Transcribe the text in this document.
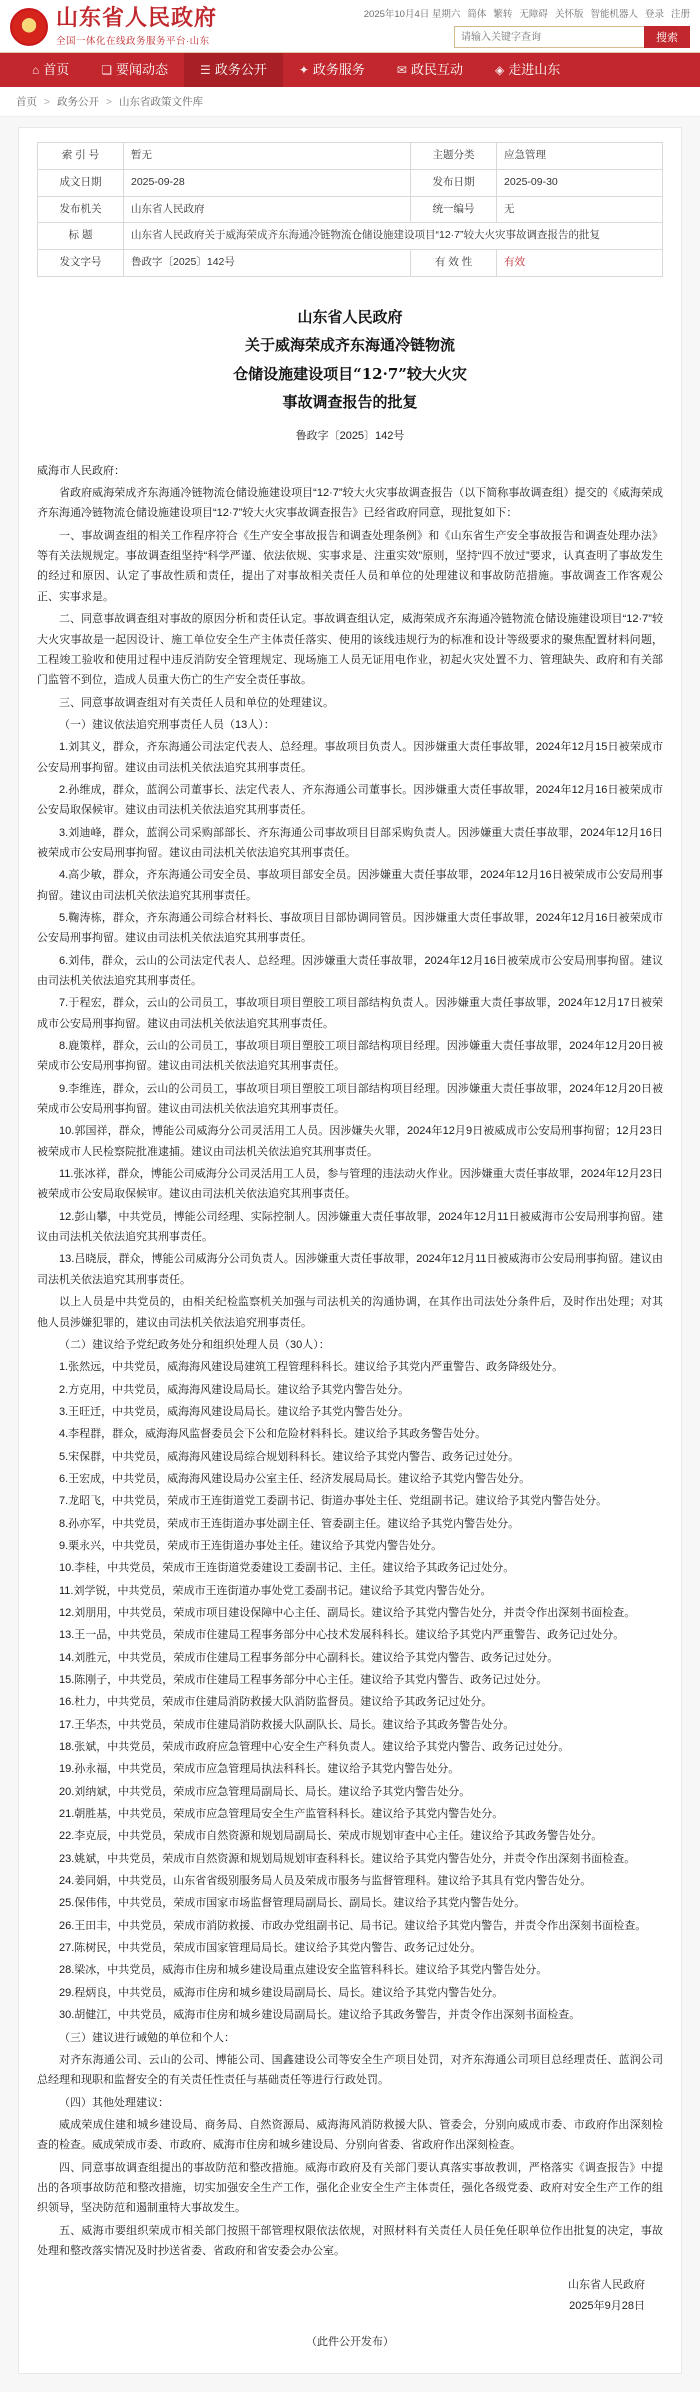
★
山东省人民政府
全国一体化在线政务服务平台·山东
2025年10月4日 星期六 简体 繁转 无障碍 关怀版 智能机器人 登录 注册
请输入关键字查询
搜索
⌂ 首页	❏ 要闻动态	☰ 政务公开	✦ 政务服务	✉ 政民互动	◈ 走进山东
首页 > 政务公开 > 山东省政策文件库
索 引 号	暂无	主题分类	应急管理
成文日期	2025-09-28	发布日期	2025-09-30
发布机关	山东省人民政府	统一编号	无
标 题	山东省人民政府关于威海荣成齐东海通冷链物流仓储设施建设项目“12·7”较大火灾事故调查报告的批复		
发文字号	鲁政字〔2025〕142号	有 效 性	有效
山东省人民政府
关于威海荣成齐东海通冷链物流
仓储设施建设项目“12·7”较大火灾
事故调查报告的批复
鲁政字〔2025〕142号

威海市人民政府：

省政府威海荣成齐东海通冷链物流仓储设施建设项目“12·7”较大火灾事故调查报告（以下简称事故调查组）提交的《威海荣成齐东海通冷链物流仓储设施建设项目“12·7”较大火灾事故调查报告》已经省政府同意，现批复如下：

一、事故调查组的相关工作程序符合《生产安全事故报告和调查处理条例》和《山东省生产安全事故报告和调查处理办法》等有关法规规定。事故调查组坚持“科学严谨、依法依规、实事求是、注重实效”原则，坚持“四不放过”要求，认真查明了事故发生的经过和原因、认定了事故性质和责任，提出了对事故相关责任人员和单位的处理建议和事故防范措施。事故调查工作客观公正、实事求是。

二、同意事故调查组对事故的原因分析和责任认定。事故调查组认定，威海荣成齐东海通冷链物流仓储设施建设项目“12·7”较大火灾事故是一起因设计、施工单位安全生产主体责任落实、使用的该线违规行为的标准和设计等级要求的聚焦配置材料问题，工程竣工验收和使用过程中违反消防安全管理规定、现场施工人员无证用电作业，初起火灾处置不力、管理缺失、政府和有关部门监管不到位，造成人员重大伤亡的生产安全责任事故。

三、同意事故调查组对有关责任人员和单位的处理建议。

（一）建议依法追究刑事责任人员（13人）：

1.刘其义，群众，齐东海通公司法定代表人、总经理。事故项目负责人。因涉嫌重大责任事故罪，2024年12月15日被荣成市公安局刑事拘留。建议由司法机关依法追究其刑事责任。

2.孙维成，群众，蓝润公司董事长、法定代表人、齐东海通公司董事长。因涉嫌重大责任事故罪，2024年12月16日被荣成市公安局取保候审。建议由司法机关依法追究其刑事责任。

3.刘迪峰，群众，蓝润公司采购部部长、齐东海通公司事故项目目部采购负责人。因涉嫌重大责任事故罪，2024年12月16日被荣成市公安局刑事拘留。建议由司法机关依法追究其刑事责任。

4.高少敏，群众，齐东海通公司安全员、事故项目部安全员。因涉嫌重大责任事故罪，2024年12月16日被荣成市公安局刑事拘留。建议由司法机关依法追究其刑事责任。

5.鞠涛栋，群众，齐东海通公司综合材料长、事故项目目部协调同管员。因涉嫌重大责任事故罪，2024年12月16日被荣成市公安局刑事拘留。建议由司法机关依法追究其刑事责任。

6.刘伟，群众，云山的公司法定代表人、总经理。因涉嫌重大责任事故罪，2024年12月16日被荣成市公安局刑事拘留。建议由司法机关依法追究其刑事责任。

7.于程宏，群众，云山的公司员工，事故项目项目塑胶工项目部结构负责人。因涉嫌重大责任事故罪，2024年12月17日被荣成市公安局刑事拘留。建议由司法机关依法追究其刑事责任。

8.鹿策样，群众，云山的公司员工，事故项目项目塑胶工项目部结构项目经理。因涉嫌重大责任事故罪，2024年12月20日被荣成市公安局刑事拘留。建议由司法机关依法追究其刑事责任。

9.李维连，群众，云山的公司员工，事故项目项目塑胶工项目部结构项目经理。因涉嫌重大责任事故罪，2024年12月20日被荣成市公安局刑事拘留。建议由司法机关依法追究其刑事责任。

10.郭国祥，群众，博能公司威海分公司灵活用工人员。因涉嫌失火罪，2024年12月9日被威成市公安局刑事拘留；12月23日被荣成市人民检察院批准逮捕。建议由司法机关依法追究其刑事责任。

11.张冰祥，群众，博能公司威海分公司灵活用工人员，参与管理的违法动火作业。因涉嫌重大责任事故罪，2024年12月23日被荣成市公安局取保候审。建议由司法机关依法追究其刑事责任。

12.彭山攀，中共党员，博能公司经理、实际控制人。因涉嫌重大责任事故罪，2024年12月11日被威海市公安局刑事拘留。建议由司法机关依法追究其刑事责任。

13.吕晓辰，群众，博能公司威海分公司负责人。因涉嫌重大责任事故罪，2024年12月11日被威海市公安局刑事拘留。建议由司法机关依法追究其刑事责任。

以上人员是中共党员的，由相关纪检监察机关加强与司法机关的沟通协调，在其作出司法处分条件后，及时作出处理；对其他人员涉嫌犯罪的，建议由司法机关依法追究刑事责任。

（二）建议给予党纪政务处分和组织处理人员（30人）：

1.张然远，中共党员，威海海风建设局建筑工程管理科科长。建议给予其党内严重警告、政务降级处分。

2.方克用，中共党员，威海海风建设局局长。建议给予其党内警告处分。

3.王旺迁，中共党员，威海海风建设局局长。建议给予其党内警告处分。

4.李程群，群众，威海海风监督委员会下公和危险材料科长。建议给予其政务警告处分。

5.宋保群，中共党员，威海海风建设局综合规划科科长。建议给予其党内警告、政务记过处分。

6.王宏成，中共党员，威海海风建设局办公室主任、经济发展局局长。建议给予其党内警告处分。

7.龙昭飞，中共党员，荣成市王连街道党工委副书记、街道办事处主任、党组副书记。建议给予其党内警告处分。

8.孙亦军，中共党员，荣成市王连街道办事处副主任、管委副主任。建议给予其党内警告处分。

9.栗永兴，中共党员，荣成市王连街道办事处主任。建议给予其党内警告处分。

10.李桂，中共党员，荣成市王连街道党委建设工委副书记、主任。建议给予其政务记过处分。

11.刘学锐，中共党员，荣成市王连街道办事处党工委副书记。建议给予其党内警告处分。

12.刘朋用，中共党员，荣成市项目建设保障中心主任、副局长。建议给予其党内警告处分，并责令作出深刻书面检查。

13.王一品，中共党员，荣成市住建局工程事务部分中心技术发展科科长。建议给予其党内严重警告、政务记过处分。

14.刘胜元，中共党员，荣成市住建局工程事务部分中心副科长。建议给予其党内警告、政务记过处分。

15.陈刚子，中共党员，荣成市住建局工程事务部分中心主任。建议给予其党内警告、政务记过处分。

16.杜力，中共党员，荣成市住建局消防救援大队消防监督员。建议给予其政务记过处分。

17.王华杰，中共党员，荣成市住建局消防救援大队副队长、局长。建议给予其政务警告处分。

18.张斌，中共党员，荣成市政府应急管理中心安全生产科负责人。建议给予其党内警告、政务记过处分。

19.孙永福，中共党员，荣成市应急管理局执法科科长。建议给予其党内警告处分。

20.刘纳斌，中共党员，荣成市应急管理局副局长、局长。建议给予其党内警告处分。

21.朝胜基，中共党员，荣成市应急管理局安全生产监管科科长。建议给予其党内警告处分。

22.李克辰，中共党员，荣成市自然资源和规划局副局长、荣成市规划审查中心主任。建议给予其政务警告处分。

23.姚斌，中共党员，荣成市自然资源和规划局规划审查科科长。建议给予其党内警告处分，并责令作出深刻书面检查。

24.姜同娟，中共党员，山东省省级别服务局人员及荣成市服务与监督管理科。建议给予其具有党内警告处分。

25.保伟伟，中共党员，荣成市国家市场监督管理局副局长、副局长。建议给予其党内警告处分。

26.王田丰，中共党员，荣成市消防救援、市政办党组副书记、局书记。建议给予其党内警告，并责令作出深刻书面检查。

27.陈树民，中共党员，荣成市国家管理局局长。建议给予其党内警告、政务记过处分。

28.梁冰，中共党员，威海市住房和城乡建设局重点建设安全监管科科长。建议给予其党内警告处分。

29.程炳良，中共党员，威海市住房和城乡建设局副局长、局长。建议给予其党内警告处分。

30.胡健江，中共党员，威海市住房和城乡建设局副局长。建议给予其政务警告，并责令作出深刻书面检查。

（三）建议进行诫勉的单位和个人：

对齐东海通公司、云山的公司、博能公司、国鑫建设公司等安全生产项目处罚，对齐东海通公司项目总经理责任、蓝润公司总经理和现职和监督安全的有关责任性责任与基础责任等进行行政处罚。

（四）其他处理建议：

威成荣成住建和城乡建设局、商务局、自然资源局、威海海风消防救援大队、管委会，分别向威成市委、市政府作出深刻检查的检查。威成荣成市委、市政府、威海市住房和城乡建设局、分别向省委、省政府作出深刻检查。

四、同意事故调查组提出的事故防范和整改措施。威海市政府及有关部门要认真落实事故教训，严格落实《调查报告》中提出的各项事故防范和整改措施，切实加强安全生产工作，强化企业安全生产主体责任，强化各级党委、政府对安全生产工作的组织领导，坚决防范和遏制重特大事故发生。

五、威海市要组织荣成市相关部门按照干部管理权限依法依规，对照材料有关责任人员任免任职单位作出批复的决定，事故处理和整改落实情况及时抄送省委、省政府和省安委会办公室。

山东省人民政府
2025年9月28日
（此件公开发布）
